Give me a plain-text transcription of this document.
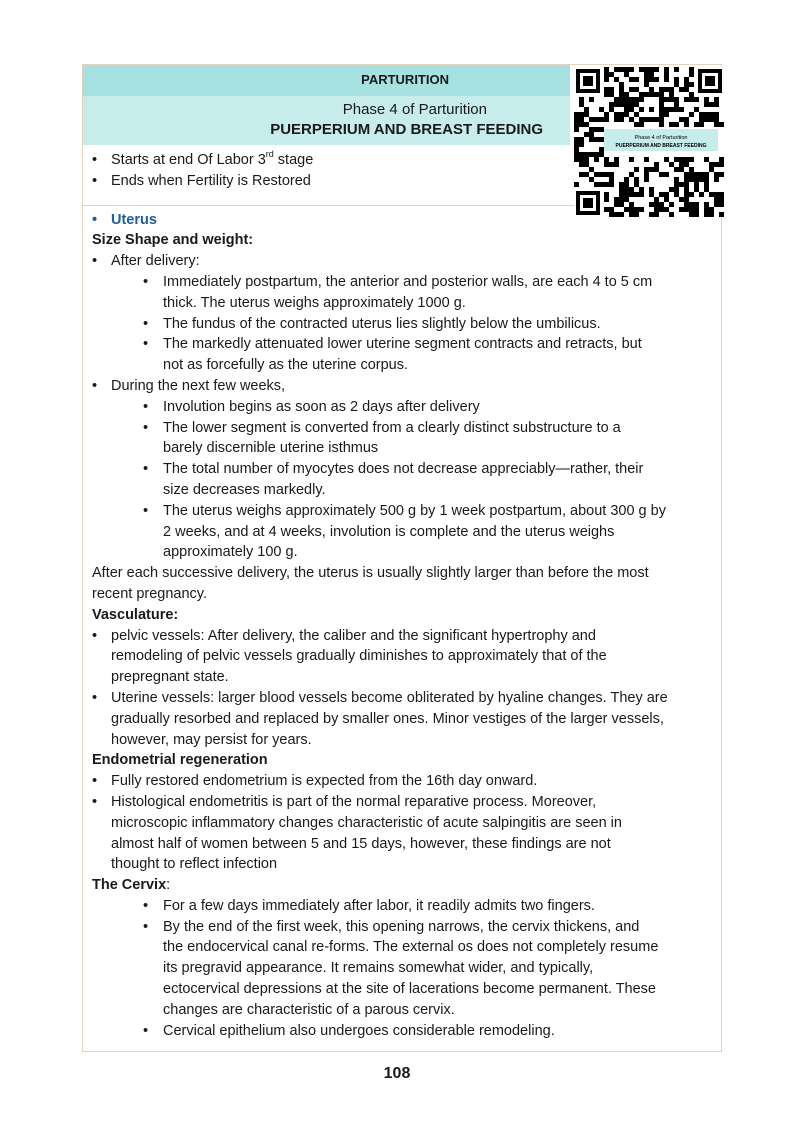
PARTURITION
Phase 4 of Parturition
PUERPERIUM AND BREAST FEEDING	Phase 4 of Parturition
PUERPERIUM AND BREAST FEEDING
• Starts at end Of Labor 3rd stage
• Ends when Fertility is Restored
• Uterus
Size Shape and weight:
• After delivery:
• Immediately postpartum, the anterior and posterior walls, are each 4 to 5 cm
thick. The uterus weighs approximately 1000 g.
• The fundus of the contracted uterus lies slightly below the umbilicus.
• The markedly attenuated lower uterine segment contracts and retracts, but
not as forcefully as the uterine corpus.
• During the next few weeks,
• Involution begins as soon as 2 days after delivery
• The lower segment is converted from a clearly distinct substructure to a
barely discernible uterine isthmus
• The total number of myocytes does not decrease appreciably—rather, their
size decreases markedly.
• The uterus weighs approximately 500 g by 1 week postpartum, about 300 g by
2 weeks, and at 4 weeks, involution is complete and the uterus weighs
approximately 100 g.
After each successive delivery, the uterus is usually slightly larger than before the most
recent pregnancy.
Vasculature:
• pelvic vessels: After delivery, the caliber and the significant hypertrophy and
remodeling of pelvic vessels gradually diminishes to approximately that of the
prepregnant state.
• Uterine vessels: larger blood vessels become obliterated by hyaline changes. They are
gradually resorbed and replaced by smaller ones. Minor vestiges of the larger vessels,
however, may persist for years.
Endometrial regeneration
• Fully restored endometrium is expected from the 16th day onward.
• Histological endometritis is part of the normal reparative process. Moreover,
microscopic inflammatory changes characteristic of acute salpingitis are seen in
almost half of women between 5 and 15 days, however, these findings are not
thought to reflect infection
The Cervix:
• For a few days immediately after labor, it readily admits two fingers.
• By the end of the first week, this opening narrows, the cervix thickens, and
the endocervical canal re-forms. The external os does not completely resume
its pregravid appearance. It remains somewhat wider, and typically,
ectocervical depressions at the site of lacerations become permanent. These
changes are characteristic of a parous cervix.
• Cervical epithelium also undergoes considerable remodeling.
108
